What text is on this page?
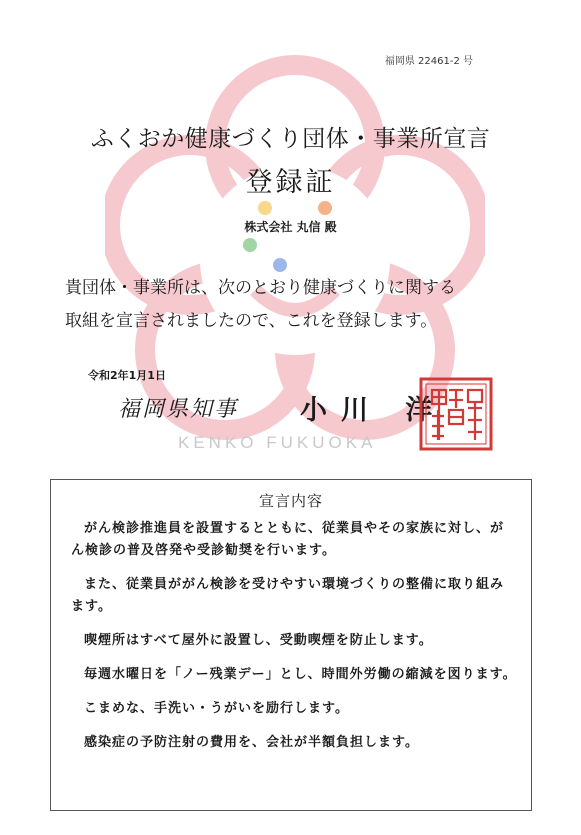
福岡県 22461-2 号
ふくおか健康づくり団体・事業所宣言
登録証
株式会社 丸信 殿
貴団体・事業所は、次のとおり健康づくりに関する
取組を宣言されましたので、これを登録します。
令和2年1月1日
KENKO FUKUOKA
福岡県知事 小川 洋
宣言内容
がん検診推進員を設置するとともに、従業員やその家族に対し、がん検診の普及啓発や受診勧奨を行います。
また、従業員ががん検診を受けやすい環境づくりの整備に取り組みます。
喫煙所はすべて屋外に設置し、受動喫煙を防止します。
毎週水曜日を「ノー残業デー」とし、時間外労働の縮減を図ります。
こまめな、手洗い・うがいを励行します。
感染症の予防注射の費用を、会社が半額負担します。
